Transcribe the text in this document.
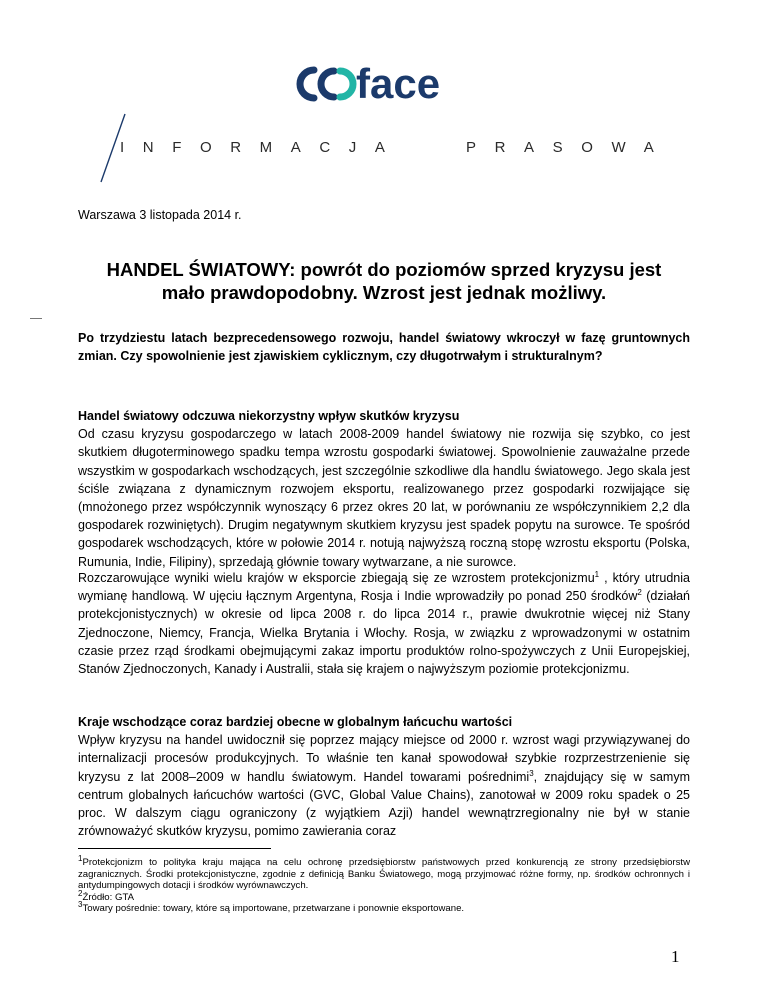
face
INFORMACJA	PRASOWA
Warszawa 3 listopada 2014 r.
HANDEL ŚWIATOWY: powrót do poziomów sprzed kryzysu jest
mało prawdopodobny. Wzrost jest jednak możliwy.
Po trzydziestu latach bezprecedensowego rozwoju, handel światowy wkroczył w fazę gruntownych zmian. Czy spowolnienie jest zjawiskiem cyklicznym, czy długotrwałym i strukturalnym?

Handel światowy odczuwa niekorzystny wpływ skutków kryzysu

Od czasu kryzysu gospodarczego w latach 2008-2009 handel światowy nie rozwija się szybko, co jest skutkiem długoterminowego spadku tempa wzrostu gospodarki światowej. Spowolnienie zauważalne przede wszystkim w gospodarkach wschodzących, jest szczególnie szkodliwe dla handlu światowego. Jego skala jest ściśle związana z dynamicznym rozwojem eksportu, realizowanego przez gospodarki rozwijające się (mnożonego przez współczynnik wynoszący 6 przez okres 20 lat, w porównaniu ze współczynnikiem 2,2 dla gospodarek rozwiniętych). Drugim negatywnym skutkiem kryzysu jest spadek popytu na surowce. Te spośród gospodarek wschodzących, które w połowie 2014 r. notują najwyższą roczną stopę wzrostu eksportu (Polska, Rumunia, Indie, Filipiny), sprzedają głównie towary wytwarzane, a nie surowce.

Rozczarowujące wyniki wielu krajów w eksporcie zbiegają się ze wzrostem protekcjonizmu$^1$ , który utrudnia wymianę handlową. W ujęciu łącznym Argentyna, Rosja i Indie wprowadziły po ponad 250 środków$^2$ (działań protekcjonistycznych) w okresie od lipca 2008 r. do lipca 2014 r., prawie dwukrotnie więcej niż Stany Zjednoczone, Niemcy, Francja, Wielka Brytania i Włochy. Rosja, w związku z wprowadzonymi w ostatnim czasie przez rząd środkami obejmującymi zakaz importu produktów rolno-spożywczych z Unii Europejskiej, Stanów Zjednoczonych, Kanady i Australii, stała się krajem o najwyższym poziomie protekcjonizmu.

Kraje wschodzące coraz bardziej obecne w globalnym łańcuchu wartości

Wpływ kryzysu na handel uwidocznił się poprzez mający miejsce od 2000 r. wzrost wagi przywiązywanej do internalizacji procesów produkcyjnych. To właśnie ten kanał spowodował szybkie rozprzestrzenienie się kryzysu z lat 2008–2009 w handlu światowym. Handel towarami pośrednimi$^3$, znajdujący się w samym centrum globalnych łańcuchów wartości (GVC, Global Value Chains), zanotował w 2009 roku spadek o 25 proc. W dalszym ciągu ograniczony (z wyjątkiem Azji) handel wewnątrzregionalny nie był w stanie zrównoważyć skutków kryzysu, pomimo zawierania coraz

$^1$Protekcjonizm to polityka kraju mająca na celu ochronę przedsiębiorstw państwowych przed konkurencją ze strony przedsiębiorstw zagranicznych. Środki protekcjonistyczne, zgodnie z definicją Banku Światowego, mogą przyjmować różne formy, np. środków ochronnych i antydumpingowych dotacji i środków wyrównawczych.

$^2$Źródło: GTA

$^3$Towary pośrednie: towary, które są importowane, przetwarzane i ponownie eksportowane.

1
